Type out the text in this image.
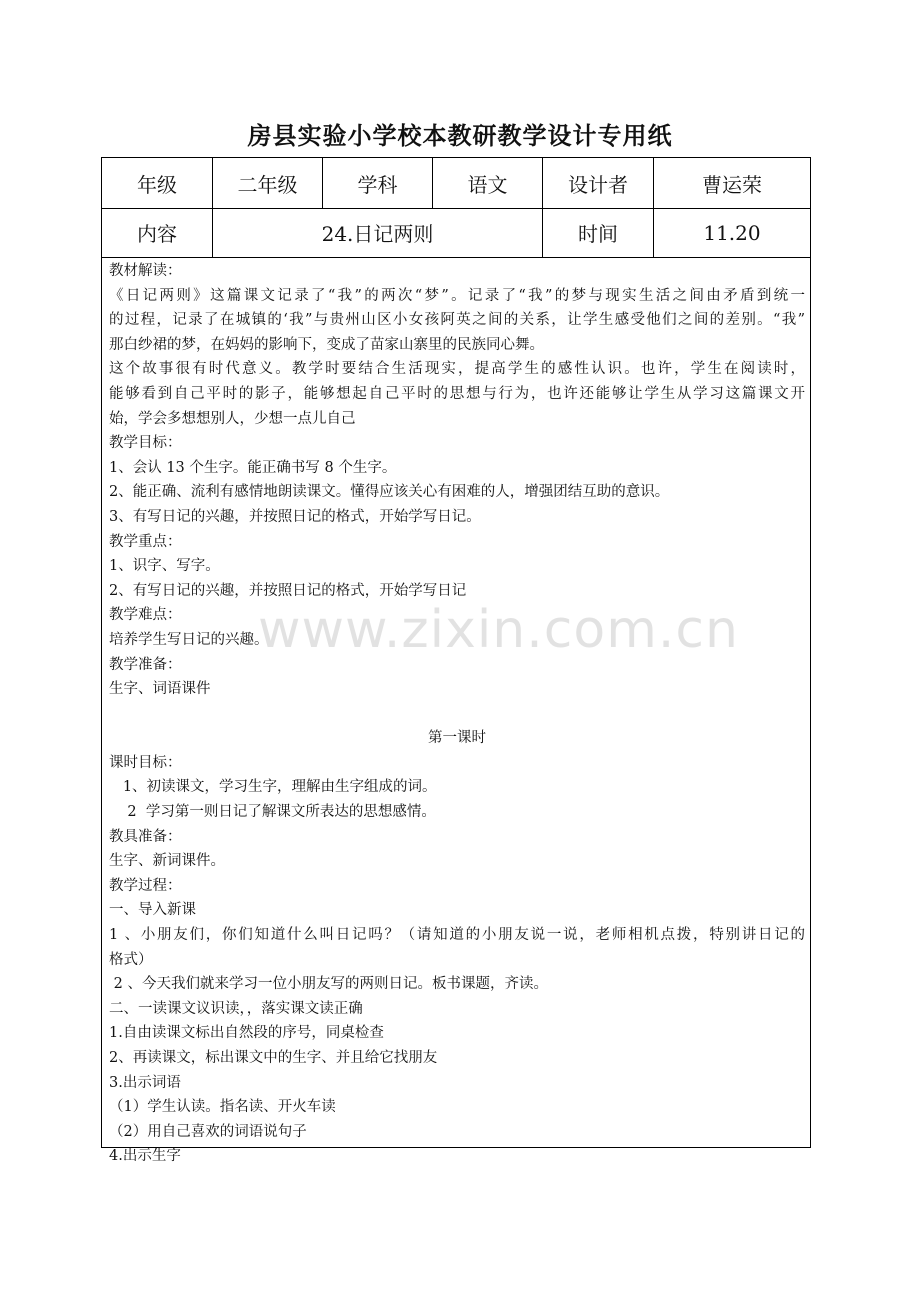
房县实验小学校本教研教学设计专用纸
年级	二年级	学科	语文	设计者	曹运荣
内容	24.日记两则	时间	11.20
教材解读：
《日记两则》这篇课文记录了“我”的两次“梦”。记录了“我”的梦与现实生活之间由矛盾到统一
的过程，记录了在城镇的‘我”与贵州山区小女孩阿英之间的关系，让学生感受他们之间的差别。“我”
那白纱裙的梦，在妈妈的影响下，变成了苗家山寨里的民族同心舞。
这个故事很有时代意义。教学时要结合生活现实，提高学生的感性认识。也许，学生在阅读时，
能够看到自己平时的影子，能够想起自己平时的思想与行为，也许还能够让学生从学习这篇课文开
始，学会多想想别人，少想一点儿自己
教学目标：
1、会认 13 个生字。能正确书写 8 个生字。
2、能正确、流利有感情地朗读课文。懂得应该关心有困难的人，增强团结互助的意识。
3、有写日记的兴趣，并按照日记的格式，开始学写日记。
教学重点：
1、识字、写字。
2、有写日记的兴趣，并按照日记的格式，开始学写日记
教学难点：
培养学生写日记的兴趣。
教学准备：
生字、词语课件
第一课时
课时目标：
1、初读课文，学习生字，理解由生字组成的词。
2  学习第一则日记了解课文所表达的思想感情。
教具准备：
生字、新词课件。
教学过程：
一、导入新课
1 、小朋友们，你们知道什么叫日记吗？（请知道的小朋友说一说，老师相机点拨，特别讲日记的
格式）
2 、今天我们就来学习一位小朋友写的两则日记。板书课题，齐读。
二、一读课文议识读，，落实课文读正确
1.自由读课文标出自然段的序号，同桌检查
2、再读课文，标出课文中的生字、并且给它找朋友
3.出示词语
（1）学生认读。指名读、开火车读
（2）用自己喜欢的词语说句子
4.出示生字
www.zixin.com.cn
